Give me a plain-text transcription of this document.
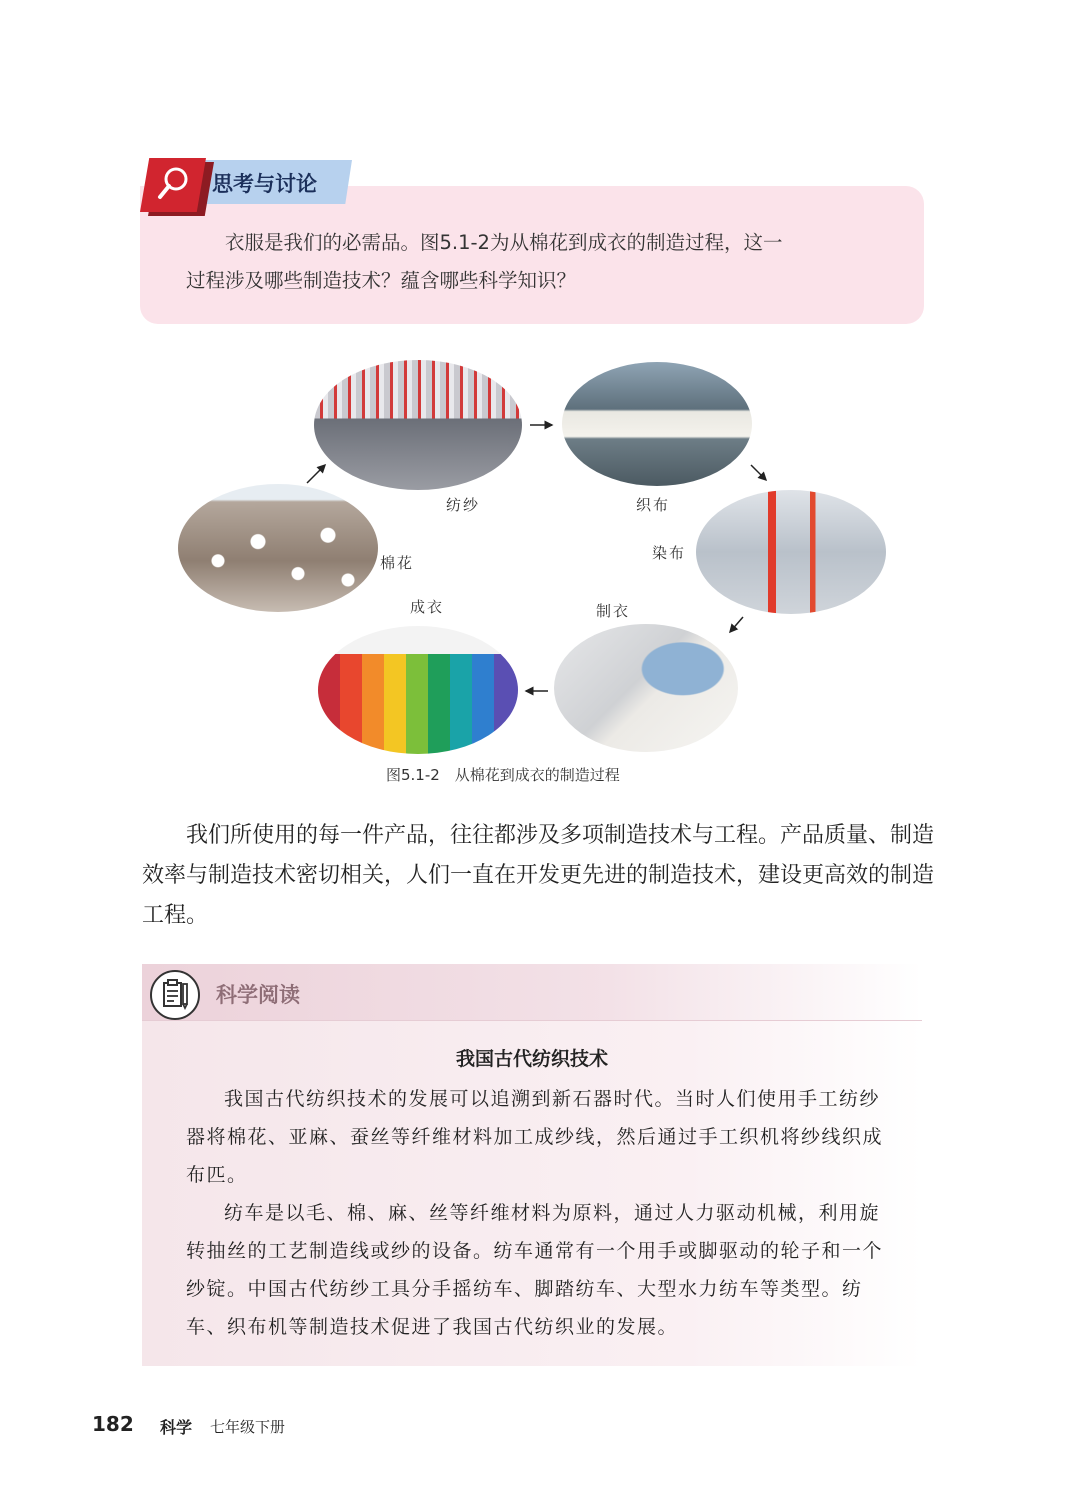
思考与讨论

衣服是我们的必需品。图5.1-2为从棉花到成衣的制造过程，这一

过程涉及哪些制造技术？蕴含哪些科学知识？

纺纱	织布
棉花
染布
成衣	制衣
图5.1-2　从棉花到成衣的制造过程

我们所使用的每一件产品，往往都涉及多项制造技术与工程。产品质量、制造效率与制造技术密切相关，人们一直在开发更先进的制造技术，建设更高效的制造工程。

科学阅读
我国古代纺织技术

我国古代纺织技术的发展可以追溯到新石器时代。当时人们使用手工纺纱器将棉花、亚麻、蚕丝等纤维材料加工成纱线，然后通过手工织机将纱线织成布匹。

纺车是以毛、棉、麻、丝等纤维材料为原料，通过人力驱动机械，利用旋转抽丝的工艺制造线或纱的设备。纺车通常有一个用手或脚驱动的轮子和一个纱锭。中国古代纺纱工具分手摇纺车、脚踏纺车、大型水力纺车等类型。纺车、织布机等制造技术促进了我国古代纺织业的发展。

182 科学 七年级下册
